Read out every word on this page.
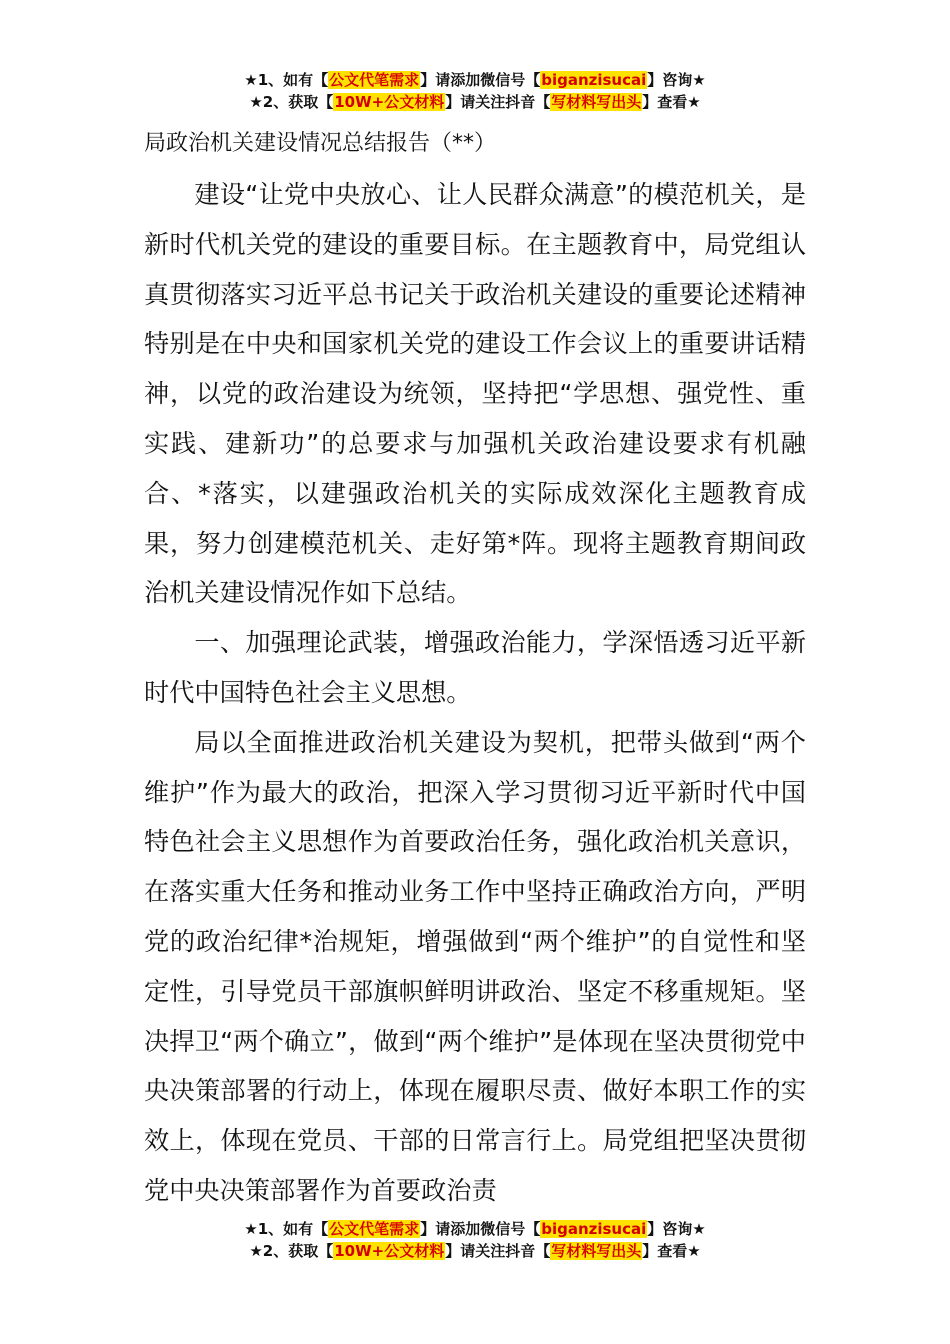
★1、如有【公文代笔需求】请添加微信号【biganzisucai】咨询★
★2、获取【10W+公文材料】请关注抖音【写材料写出头】查看★
局政治机关建设情况总结报告（**）

建设“让党中央放心、让人民群众满意”的模范机关，是新时代机关党的建设的重要目标。在主题教育中，局党组认真贯彻落实习近平总书记关于政治机关建设的重要论述精神特别是在中央和国家机关党的建设工作会议上的重要讲话精神，以党的政治建设为统领，坚持把“学思想、强党性、重实践、建新功”的总要求与加强机关政治建设要求有机融合、*落实，以建强政治机关的实际成效深化主题教育成果，努力创建模范机关、走好第*阵。现将主题教育期间政治机关建设情况作如下总结。

一、加强理论武装，增强政治能力，学深悟透习近平新时代中国特色社会主义思想。

局以全面推进政治机关建设为契机，把带头做到“两个维护”作为最大的政治，把深入学习贯彻习近平新时代中国特色社会主义思想作为首要政治任务，强化政治机关意识，在落实重大任务和推动业务工作中坚持正确政治方向，严明党的政治纪律*治规矩，增强做到“两个维护”的自觉性和坚定性，引导党员干部旗帜鲜明讲政治、坚定不移重规矩。坚决捍卫“两个确立”，做到“两个维护”是体现在坚决贯彻党中央决策部署的行动上，体现在履职尽责、做好本职工作的实效上，体现在党员、干部的日常言行上。局党组把坚决贯彻党中央决策部署作为首要政治责

★1、如有【公文代笔需求】请添加微信号【biganzisucai】咨询★
★2、获取【10W+公文材料】请关注抖音【写材料写出头】查看★
